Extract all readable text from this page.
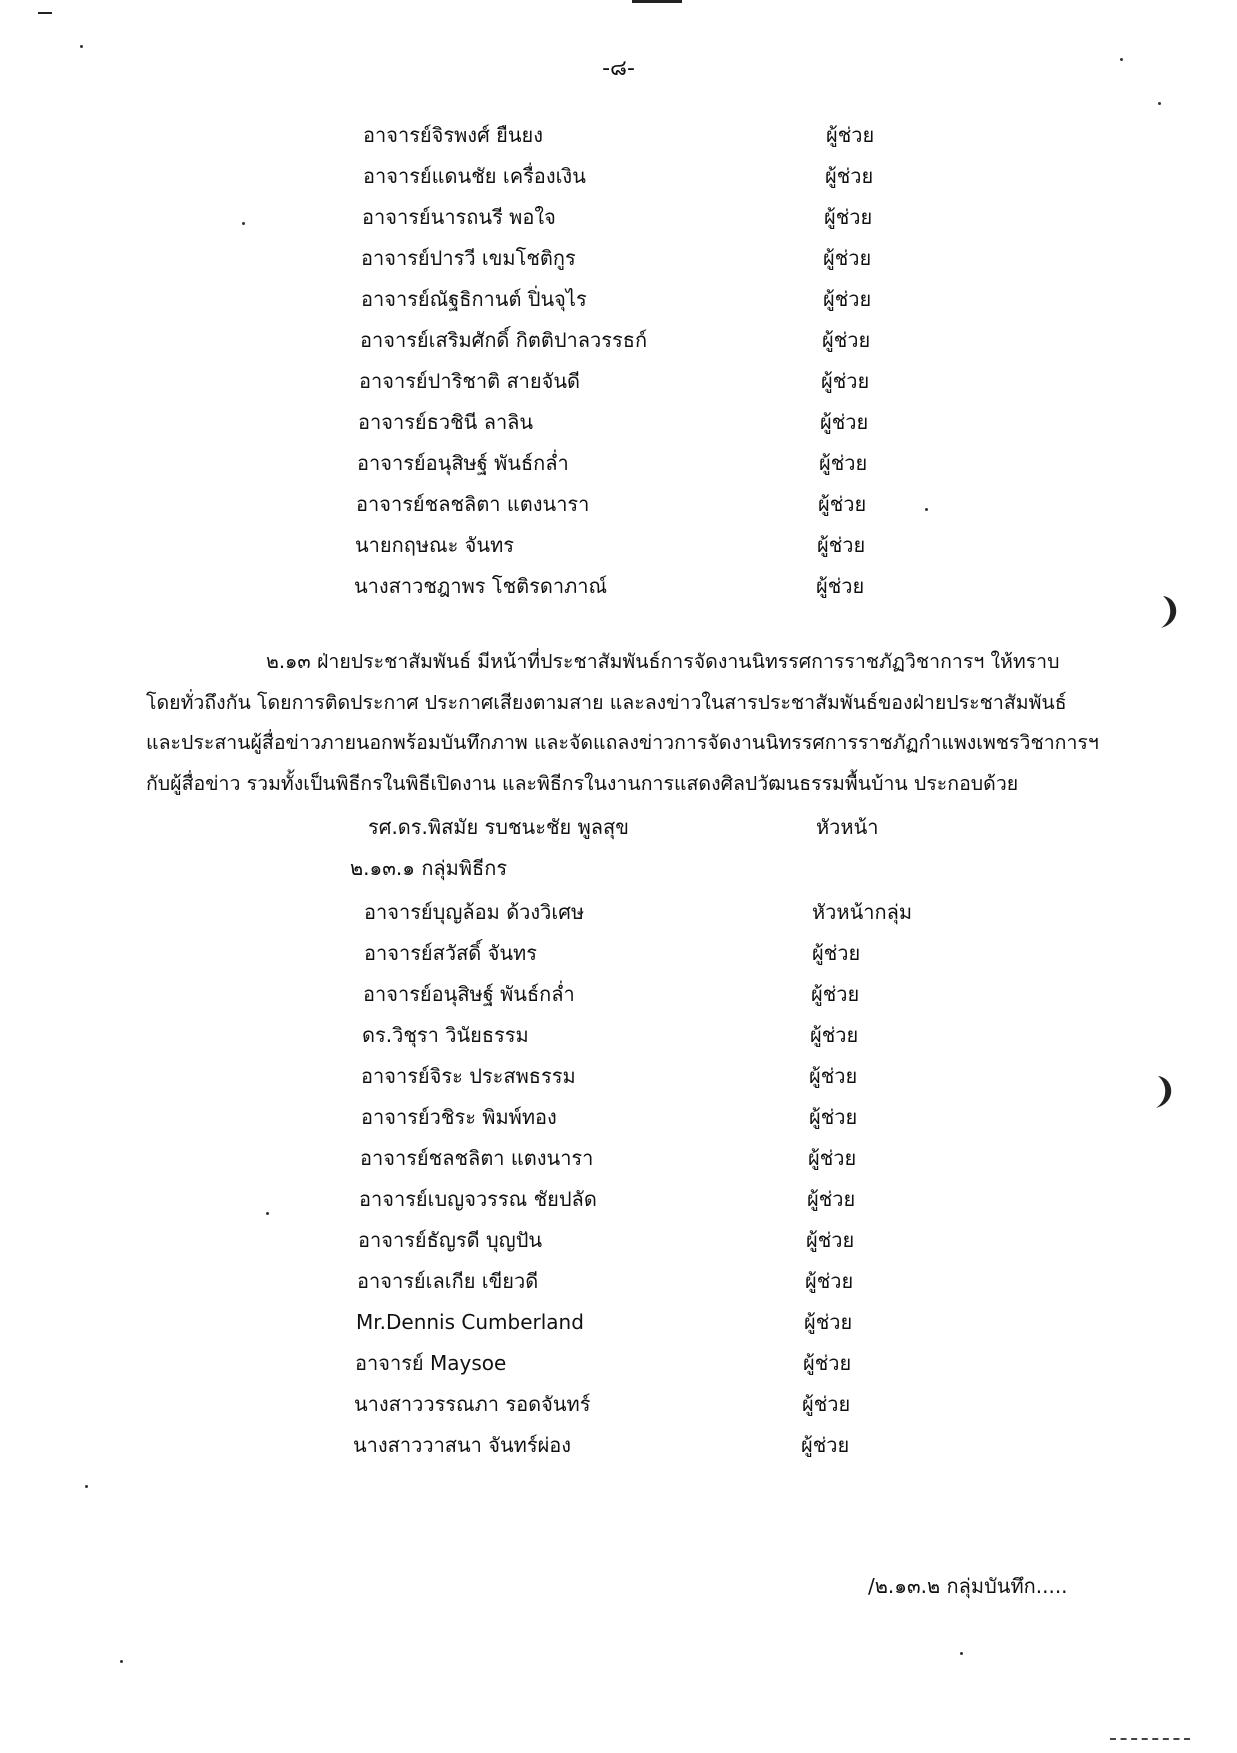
-๘-
อาจารย์จิรพงศ์ ยืนยง	ผู้ช่วย
อาจารย์แดนชัย เครื่องเงิน	ผู้ช่วย
อาจารย์นารถนรี พอใจ	ผู้ช่วย
อาจารย์ปารวี เขมโชติกูร	ผู้ช่วย
อาจารย์ณัฐธิกานต์ ปิ่นจุไร	ผู้ช่วย
อาจารย์เสริมศักดิ์ กิตติปาลวรรธก์	ผู้ช่วย
อาจารย์ปาริชาติ สายจันดี	ผู้ช่วย
อาจารย์ธวชินี ลาลิน	ผู้ช่วย
อาจารย์อนุสิษฐ์ พันธ์กล่ำ	ผู้ช่วย
อาจารย์ชลชลิตา แตงนารา	ผู้ช่วย
นายกฤษณะ จันทร	ผู้ช่วย
นางสาวชฎาพร โชติรดาภาณ์	ผู้ช่วย
๒.๑๓ ฝ่ายประชาสัมพันธ์ มีหน้าที่ประชาสัมพันธ์การจัดงานนิทรรศการราชภัฏวิชาการฯ ให้ทราบ
โดยทั่วถึงกัน โดยการติดประกาศ ประกาศเสียงตามสาย และลงข่าวในสารประชาสัมพันธ์ของฝ่ายประชาสัมพันธ์
และประสานผู้สื่อข่าวภายนอกพร้อมบันทึกภาพ และจัดแถลงข่าวการจัดงานนิทรรศการราชภัฏกำแพงเพชรวิชาการฯ
กับผู้สื่อข่าว รวมทั้งเป็นพิธีกรในพิธีเปิดงาน และพิธีกรในงานการแสดงศิลปวัฒนธรรมพื้นบ้าน ประกอบด้วย
รศ.ดร.พิสมัย รบชนะชัย พูลสุข	หัวหน้า
๒.๑๓.๑ กลุ่มพิธีกร
อาจารย์บุญล้อม ด้วงวิเศษ	หัวหน้ากลุ่ม
อาจารย์สวัสดิ์ จันทร	ผู้ช่วย
อาจารย์อนุสิษฐ์ พันธ์กล่ำ	ผู้ช่วย
ดร.วิชุรา วินัยธรรม	ผู้ช่วย
อาจารย์จิระ ประสพธรรม	ผู้ช่วย
อาจารย์วชิระ พิมพ์ทอง	ผู้ช่วย
อาจารย์ชลชลิตา แตงนารา	ผู้ช่วย
อาจารย์เบญจวรรณ ชัยปลัด	ผู้ช่วย
อาจารย์ธัญรดี บุญปัน	ผู้ช่วย
อาจารย์เลเกีย เขียวดี	ผู้ช่วย
Mr.Dennis Cumberland	ผู้ช่วย
อาจารย์ Maysoe	ผู้ช่วย
นางสาววรรณภา รอดจันทร์	ผู้ช่วย
นางสาววาสนา จันทร์ผ่อง	ผู้ช่วย
/๒.๑๓.๒ กลุ่มบันทึก.....
